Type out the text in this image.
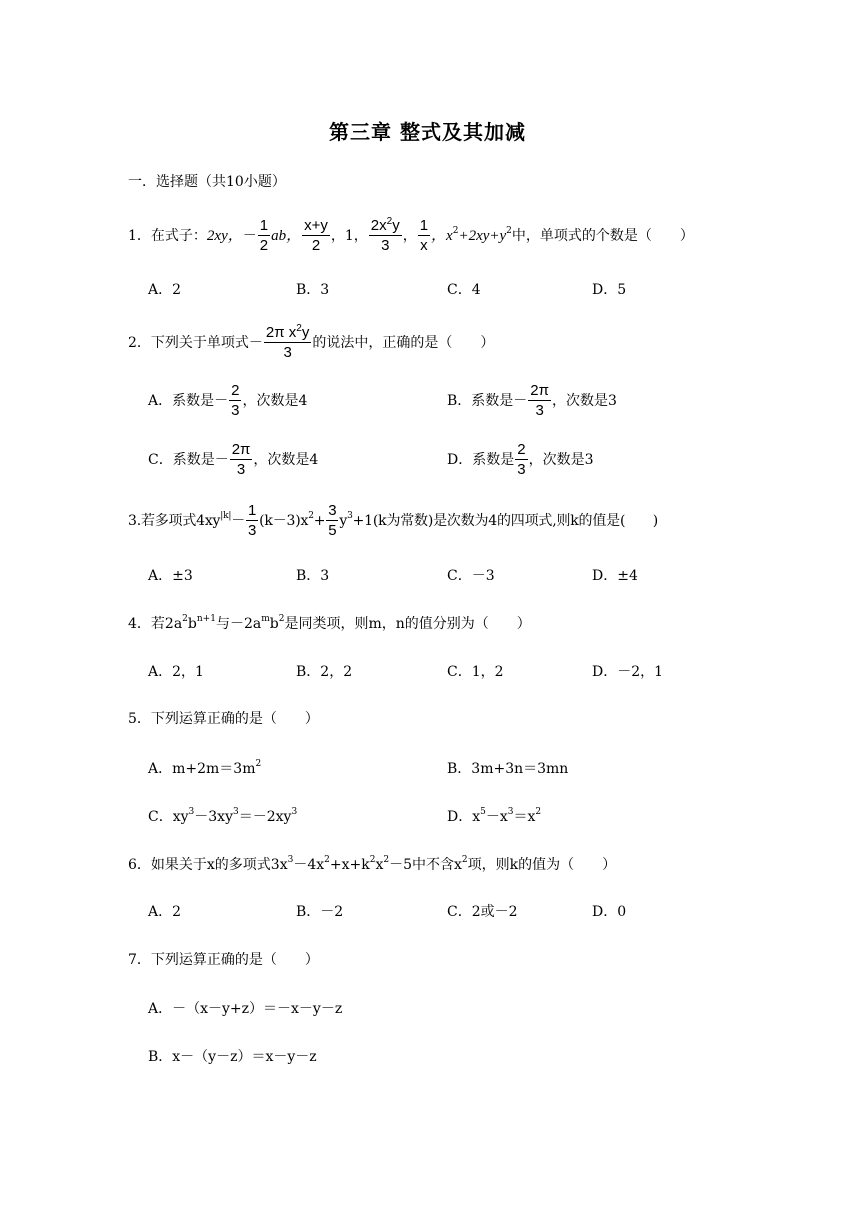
第三章 整式及其加减
一．选择题（共10小题）
1．在式子：2xy，－ $\frac{1}{2}$ ab， $\frac{x+y}{2}$ ，1， $\frac{2x^2y}{3}$ ， $\frac{1}{x}$ ，$x^2+2xy+y^2$中，单项式的个数是（　　）
A．2	B．3	C．4	D．5
2．下列关于单项式－ $\frac{2\pi x^2y}{3}$ 的说法中，正确的是（　　）
A．系数是－ $\frac{2}{3}$ ，次数是4	B．系数是－ $\frac{2\pi}{3}$ ，次数是3
C．系数是－ $\frac{2\pi}{3}$ ，次数是4	D．系数是 $\frac{2}{3}$ ，次数是3
3.若多项式$4xy^{|k|}- \frac{1}{3} (k-3)x^2+ \frac{3}{5} y^3+1(k$为常数)是次数为4的四项式,则k的值是(　　)
A．±3	B．3	C．－3	D．±4
4．若$2a^2b^{n+1}$与$-2a^mb^2$是同类项，则m，n的值分别为（　　）
A．2，1	B．2，2	C．1，2	D．－2，1
5．下列运算正确的是（　　）
A．$m+2m=3m^2$	B．3m+3n＝3mn
C．$xy^3-3xy^3=-2xy^3$	D．$x^5-x^3=x^2$
6．如果关于x的多项式$3x^3-4x^2+x+k^2x^2-5$中不含$x^2$项，则k的值为（　　）
A．2	B．－2	C．2或－2	D．0
7．下列运算正确的是（　　）
A．－（x－y+z）＝－x－y－z
B．x－（y－z）＝x－y－z
